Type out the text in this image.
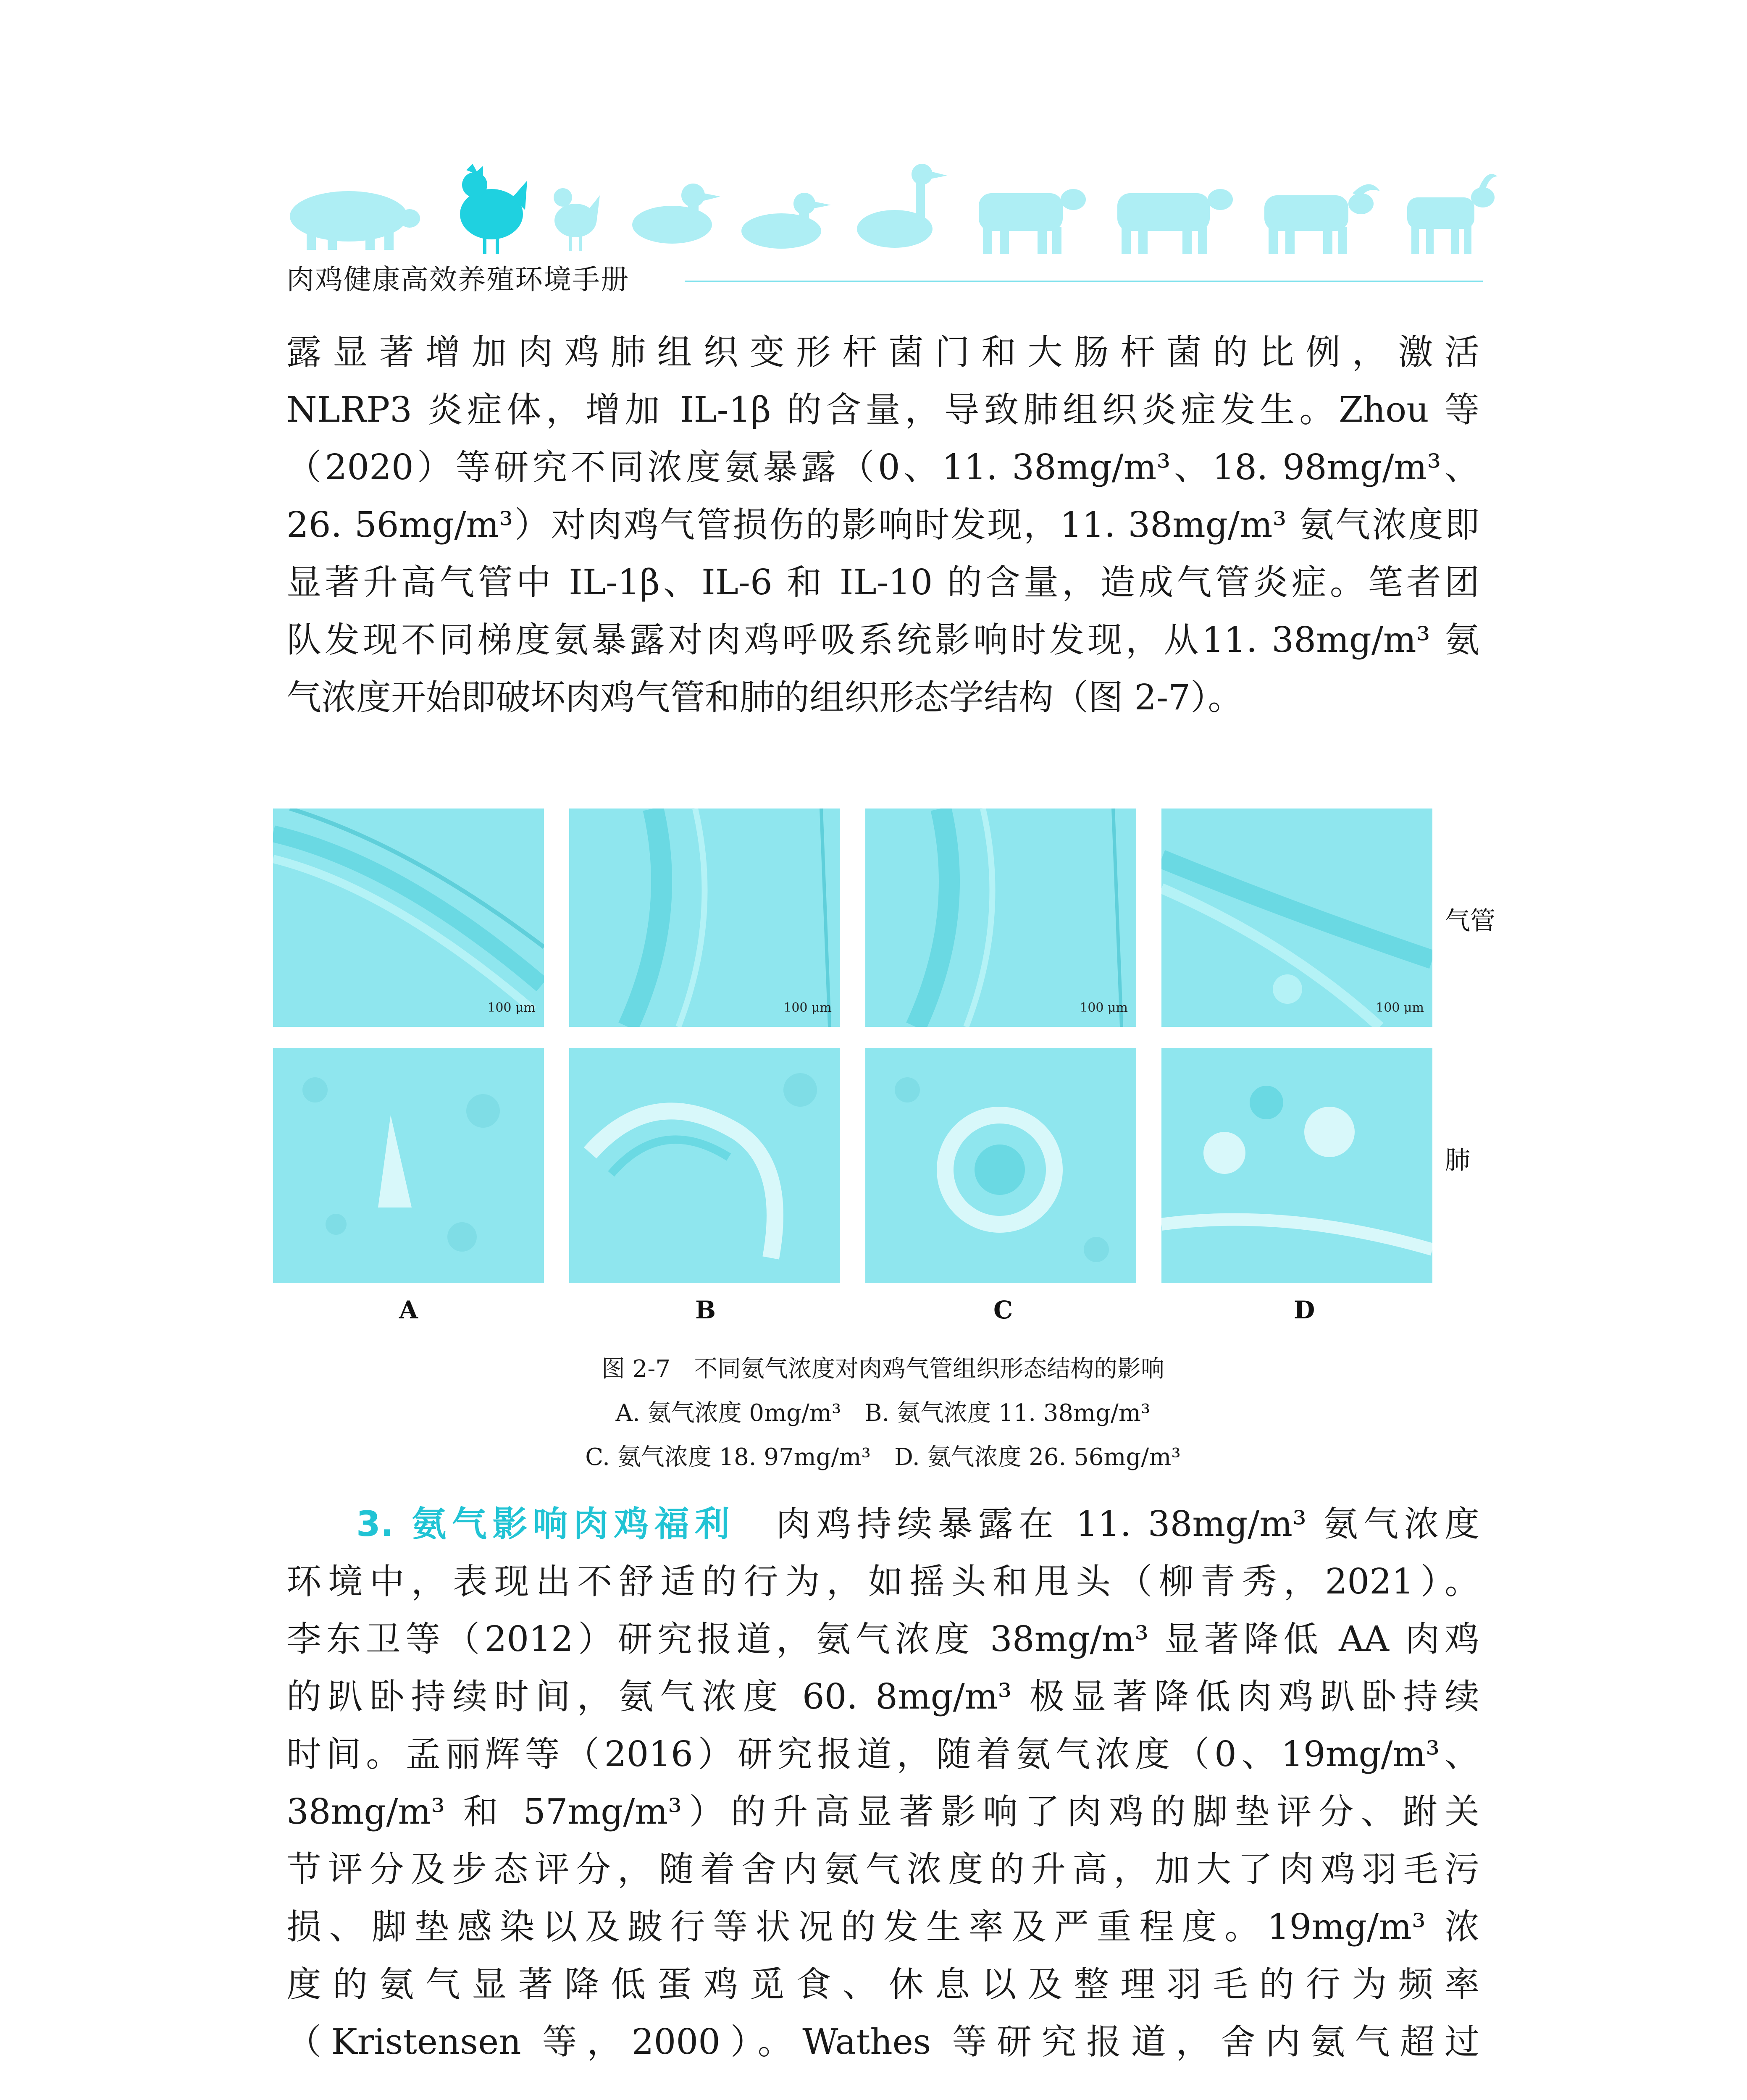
肉鸡健康高效养殖环境手册
露显著增加肉鸡肺组织变形杆菌门和大肠杆菌的比例，激活
NLRP3 炎症体，增加 IL-1β 的含量，导致肺组织炎症发生。Zhou 等
（2020）等研究不同浓度氨暴露（0、11. 38mg/m³、18. 98mg/m³、
26. 56mg/m³）对肉鸡气管损伤的影响时发现，11. 38mg/m³ 氨气浓度即
显著升高气管中 IL-1β、IL-6 和 IL-10 的含量，造成气管炎症。笔者团
队发现不同梯度氨暴露对肉鸡呼吸系统影响时发现，从11. 38mg/m³ 氨
气浓度开始即破坏肉鸡气管和肺的组织形态学结构（图 2-7）。
100 μm	100 μm	100 μm	100 μm
气管
肺
A	B	C	D
图 2-7　不同氨气浓度对肉鸡气管组织形态结构的影响
A. 氨气浓度 0mg/m³　B. 氨气浓度 11. 38mg/m³
C. 氨气浓度 18. 97mg/m³　D. 氨气浓度 26. 56mg/m³
3. 氨气影响肉鸡福利　肉鸡持续暴露在 11. 38mg/m³ 氨气浓度
环境中，表现出不舒适的行为，如摇头和甩头（柳青秀，2021）。
李东卫等（2012）研究报道，氨气浓度 38mg/m³ 显著降低 AA 肉鸡
的趴卧持续时间，氨气浓度 60. 8mg/m³ 极显著降低肉鸡趴卧持续
时间。孟丽辉等（2016）研究报道，随着氨气浓度（0、19mg/m³、
38mg/m³ 和 57mg/m³）的升高显著影响了肉鸡的脚垫评分、跗关
节评分及步态评分，随着舍内氨气浓度的升高，加大了肉鸡羽毛污
损、脚垫感染以及跛行等状况的发生率及严重程度。19mg/m³ 浓
度的氨气显著降低蛋鸡觅食、休息以及整理羽毛的行为频率
（Kristensen 等，2000）。Wathes 等研究报道，舍内氨气超过
